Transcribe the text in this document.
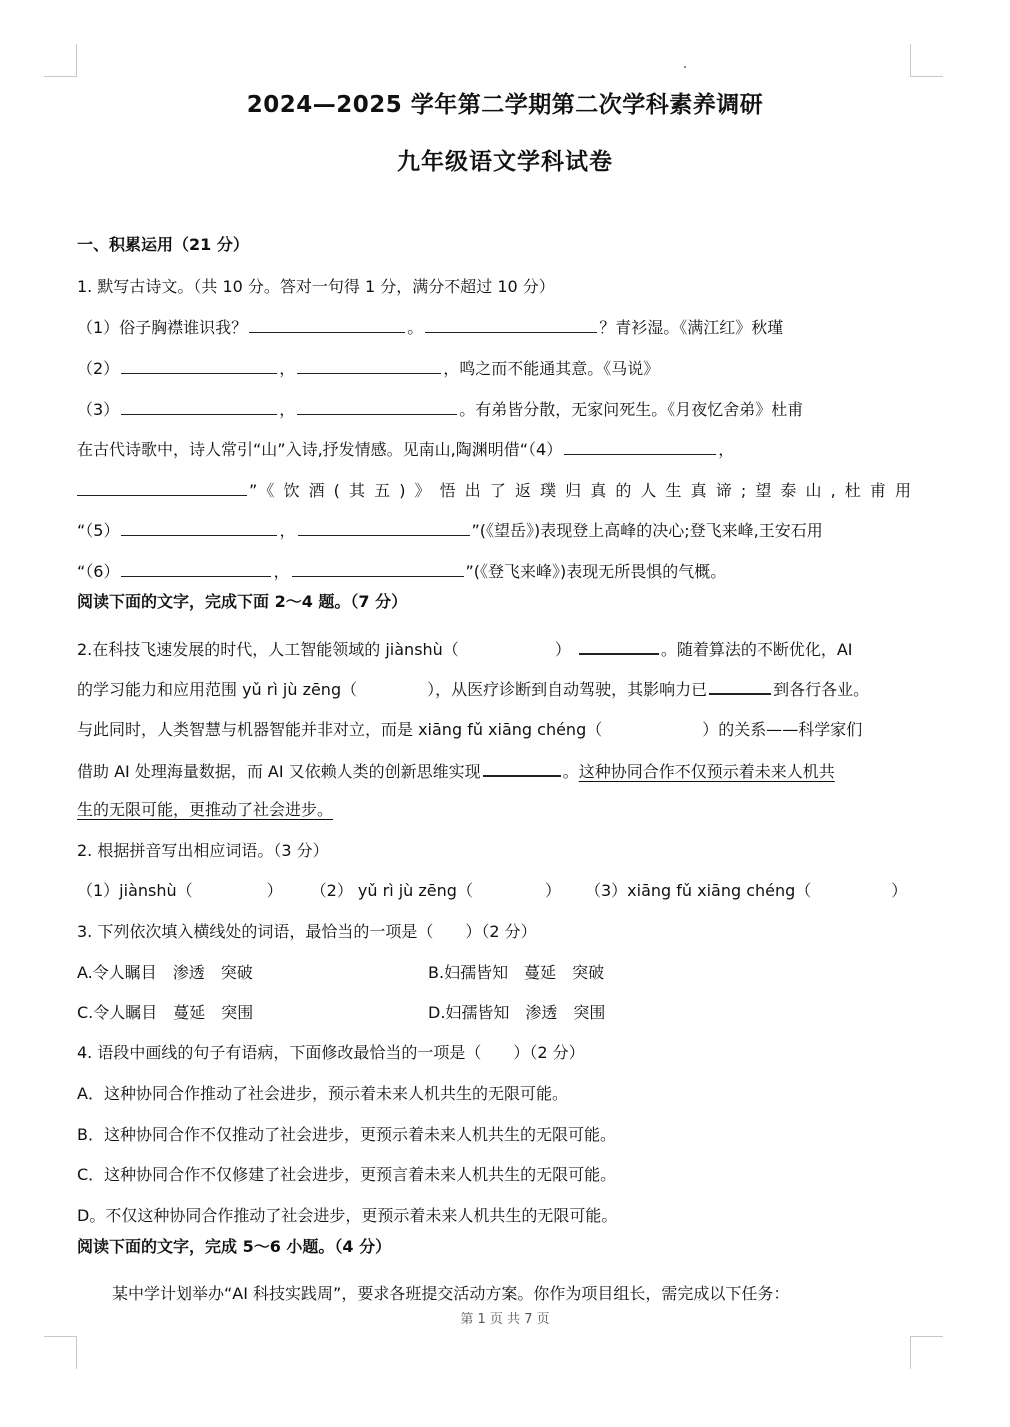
2024—2025 学年第二学期第二次学科素养调研
九年级语文学科试卷
一、积累运用（21 分）
1. 默写古诗文。（共 10 分。答对一句得 1 分，满分不超过 10 分）
（1）俗子胸襟谁识我？	。	？青衫湿。《满江红》秋瑾
（2）	，	，鸣之而不能通其意。《马说》
（3）	，	。有弟皆分散，无家问死生。《月夜忆舍弟》杜甫
在古代诗歌中，诗人常引“山”入诗,抒发情感。见南山,陶渊明借“（4）	，
”《饮酒(其五)》悟出了返璞归真的人生真谛;望泰山,杜甫用
“（5）	，	”(《望岳》)表现登上高峰的决心;登飞来峰,王安石用
“（6）	，	”(《登飞来峰》)表现无所畏惧的气概。
阅读下面的文字，完成下面 2～4 题。（7 分）
2.在科技飞速发展的时代，人工智能领域的 jiànshù（	）	。随着算法的不断优化，AI
的学习能力和应用范围 yǔ rì jù zēng（	），从医疗诊断到自动驾驶，其影响力已	到各行各业。
与此同时，人类智慧与机器智能并非对立，而是 xiāng fǔ xiāng chéng（	）的关系——科学家们
借助 AI 处理海量数据，而 AI 又依赖人类的创新思维实现	。这种协同合作不仅预示着未来人机共
生的无限可能，更推动了社会进步。
2. 根据拼音写出相应词语。（3 分）
（1）jiànshù（	） （2） yǔ rì jù zēng（	） （3）xiāng fǔ xiāng chéng（	）
3. 下列依次填入横线处的词语，最恰当的一项是（　　）（2 分）
A.令人瞩目　渗透　突破	B.妇孺皆知　蔓延　突破
C.令人瞩目　蔓延　突围	D.妇孺皆知　渗透　突围
4. 语段中画线的句子有语病，下面修改最恰当的一项是（　　）（2 分）
A．这种协同合作推动了社会进步，预示着未来人机共生的无限可能。
B．这种协同合作不仅推动了社会进步，更预示着未来人机共生的无限可能。
C．这种协同合作不仅修建了社会进步，更预言着未来人机共生的无限可能。
D。不仅这种协同合作推动了社会进步，更预示着未来人机共生的无限可能。
阅读下面的文字，完成 5～6 小题。（4 分）
某中学计划举办“AI 科技实践周”，要求各班提交活动方案。你作为项目组长，需完成以下任务：
第 1 页 共 7 页
